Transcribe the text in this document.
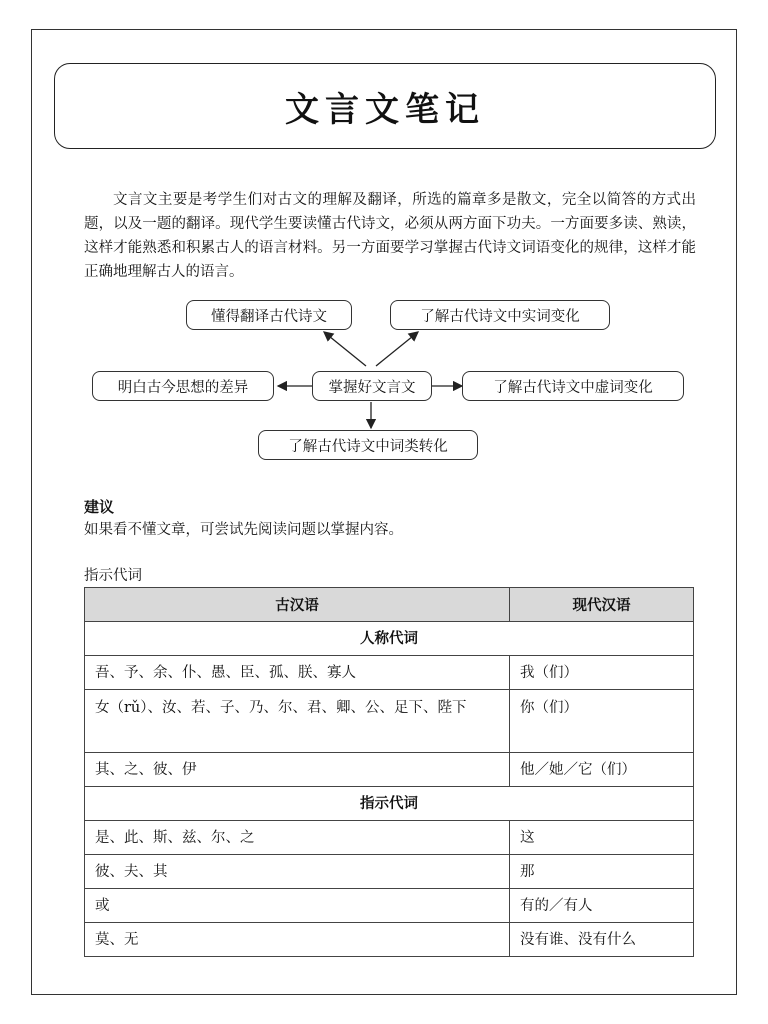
文言文笔记

文言文主要是考学生们对古文的理解及翻译，所选的篇章多是散文，完全以简答的方式出题，以及一题的翻译。现代学生要读懂古代诗文，必须从两方面下功夫。一方面要多读、熟读，这样才能熟悉和积累古人的语言材料。另一方面要学习掌握古代诗文词语变化的规律，这样才能正确地理解古人的语言。

懂得翻译古代诗文	了解古代诗文中实词变化
明白古今思想的差异	掌握好文言文	了解古代诗文中虚词变化
了解古代诗文中词类转化
建议
如果看不懂文章，可尝试先阅读问题以掌握内容。
指示代词
古汉语	现代汉语
人称代词	
吾、予、余、仆、愚、臣、孤、朕、寡人	我（们）
女（rǔ）、汝、若、子、乃、尔、君、卿、公、足下、陛下	你（们）
其、之、彼、伊	他／她／它（们）
指示代词	
是、此、斯、兹、尔、之	这
彼、夫、其	那
或	有的／有人
莫、无	没有谁、没有什么
